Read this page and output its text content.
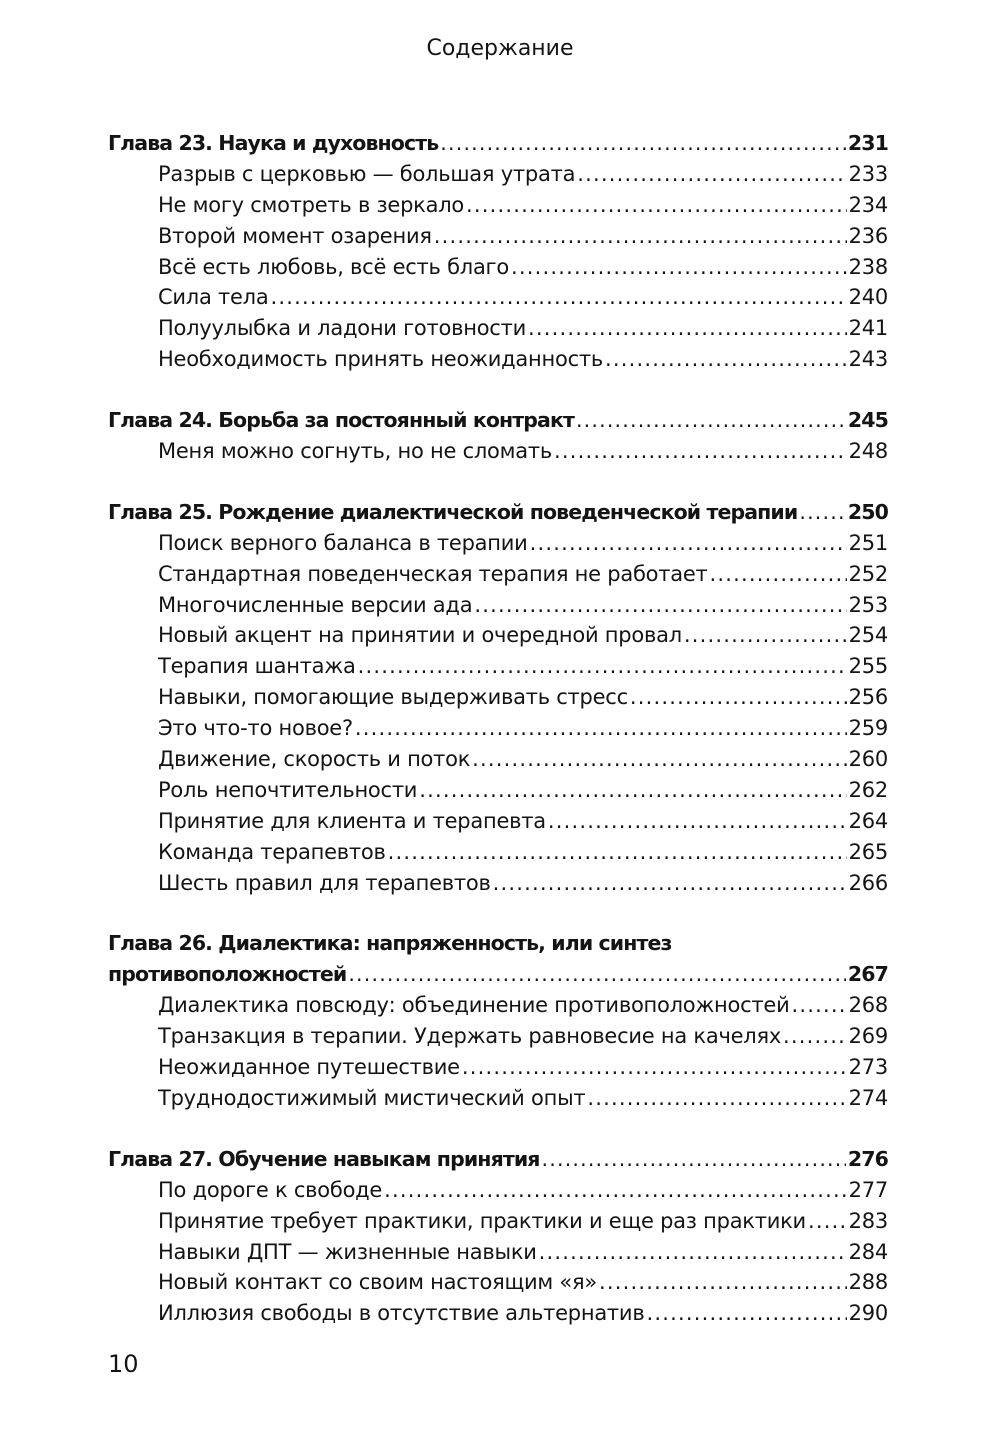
Содержание
Глава 23. Наука и духовность .....	231
Разрыв с церковью — большая утрата .....	233
Не могу смотреть в зеркало .....	234
Второй момент озарения .....	236
Всё есть любовь, всё есть благо .....	238
Сила тела .....	240
Полуулыбка и ладони готовности .....	241
Необходимость принять неожиданность .....	243
Глава 24. Борьба за постоянный контракт .....	245
Меня можно согнуть, но не сломать .....	248
Глава 25. Рождение диалектической поведенческой терапии ..... 250
Поиск верного баланса в терапии .....	251
Стандартная поведенческая терапия не работает .....	252
Многочисленные версии ада .....	253
Новый акцент на принятии и очередной провал .....	254
Терапия шантажа .....	255
Навыки, помогающие выдерживать стресс .....	256
Это что-то новое? .....	259
Движение, скорость и поток .....	260
Роль непочтительности .....	262
Принятие для клиента и терапевта .....	264
Команда терапевтов .....	265
Шесть правил для терапевтов .....	266
Глава 26. Диалектика: напряженность, или синтез
противоположностей .....	267
Диалектика повсюду: объединение противоположностей .....	268
Транзакция в терапии. Удержать равновесие на качелях .....	269
Неожиданное путешествие .....	273
Труднодостижимый мистический опыт .....	274
Глава 27. Обучение навыкам принятия .....	276
По дороге к свободе .....	277
Принятие требует практики, практики и еще раз практики ..... 283
Навыки ДПТ — жизненные навыки .....	284
Новый контакт со своим настоящим «я» .....	288
Иллюзия свободы в отсутствие альтернатив .....	290
10
